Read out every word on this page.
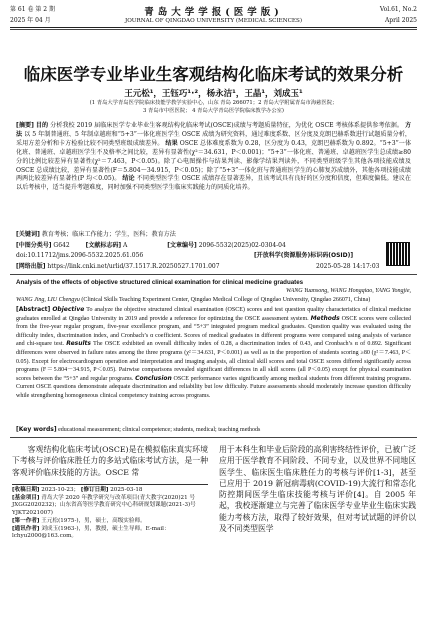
第 61 卷 第 2 期
2025 年 04 月
青岛大学学报(医学版)
JOURNAL OF QINGDAO UNIVERSITY (MEDICAL SCIENCES)
Vol.61, No.2
April 2025
临床医学专业毕业生客观结构化临床考试的效果分析
王元松¹，王钰巧¹·²，杨永洁¹，王晶¹，刘成玉¹
(1 青岛大学青岛医学院临床技能学教学实验中心，山东 青岛 266071；2 青岛大学附属青岛市海慈医院；
3 青岛市中医医院； 4 青岛大学青岛医学院临床教学办公室)
[摘要] 目的 分析我校 2019 届临床医学专业毕业生客观结构化临床考试(OSCE)成绩与考题质量特征，为优化 OSCE 考核体系提供参考依据。 方法 以 5 年制普通班、5 年制卓越班和“5+3”一体化班医学生 OSCE 成绩为研究资料，通过难度系数、区分度及克朗巴赫系数进行试题质量分析，采用方差分析和卡方检验比较不同类型班级成绩差异。 结果 OSCE 总体难度系数为 0.28，区分度为 0.43，克朗巴赫系数为 0.892。“5+3”一体化班、普通班、卓越班医学生不及格率之间比较，差异有显著性(χ²＝34.631，P＜0.001)；“5+3”一体化班、普通班、卓越班医学生总成绩≥80 分的比例比较差异有显著性(χ²＝7.463，P＜0.05)。除了心电图操作与结果判读、影像学结果判读外，不同类型班级学生其他各项技能成绩及 OSCE 总成绩比较，差异有显著性(F＝5.804～34.915，P＜0.05)；除了“5+3”一体化班与普通班医学生的心肺复苏成绩外，其他各项技能成绩两两比较差异有显著性(P 均＜0.05)。 结论 不同类型医学生 OSCE 成绩存在显著差异，且该考试具有良好的区分度和信度，但难度偏低。建议在以后考核中，适当提升考题难度，同时加强不同类型医学生临床实践能力的同质化培养。
[关键词] 教育考核；临床工作能力；学生，医科；教育方法
[中图分类号] G642	[文献标志码] A	[文章编号] 2096-5532(2025)02-0304-04
doi:10.11712/jms.2096-5532.2025.61.056	[开放科学(资源服务)标识码(OSID)]
[网络出版] https://link.cnki.net/urlid/37.1517.R.20250527.1701.007	2025-05-28 14:17:03
Analysis of the effects of objective structured clinical examination for clinical medicine graduates
WANG Yuansong, WANG Hongqiao, YANG Yongjie, WANG Jing, LIU Chengyu (Clinical Skills Teaching Experiment Center, Qingdao Medical College of Qingdao University, Qingdao 266071, China)
[Abstract] Objective To analyze the objective structured clinical examination (OSCE) scores and test question quality characteristics of clinical medicine graduates enrolled at Qingdao University in 2019 and provide a reference for optimizing the OSCE assessment system. Methods OSCE scores were collected from the five-year regular program, five-year excellence program, and “5+3” integrated program medical graduates. Question quality was evaluated using the difficulty index, discrimination index, and Cronbach’s α coefficient. Scores of medical graduates in different programs were compared using analysis of variance and chi-square test. Results The OSCE exhibited an overall difficulty index of 0.28, a discrimination index of 0.43, and Cronbach’s α of 0.892. Significant differences were observed in failure rates among the three programs (χ²＝34.631, P＜0.001) as well as in the proportion of students scoring ≥80 (χ²＝7.463, P＜0.05). Except for electrocardiogram operation and interpretation and imaging analysis, all clinical skill scores and total OSCE scores differed significantly across programs (F＝5.804－34.915, P＜0.05). Pairwise comparisons revealed significant differences in all skill scores (all P＜0.05) except for physical examination scores between the “5+3” and regular programs. Conclusion OSCE performance varies significantly among medical students from different training programs. Current OSCE questions demonstrate adequate discrimination and reliability but low difficulty. Future assessments should moderately increase question difficulty while strengthening homogeneous clinical competency training across programs.
[Key words] educational measurement; clinical competence; students, medical; teaching methods
客观结构化临床考试(OSCE)是在模拟临床真实环境下考核与评价临床胜任力的多站式临床考试方法，是一种客观评价临床技能的方法。OSCE 常
用于本科生和毕业后阶段的高利害终结性评价，已被广泛应用于医学教育不同阶段、不同专业，以及世界不同地区医学生、临床医生临床胜任力的考核与评价[1-3]，甚至已应用于 2019 新冠病毒病(COVID-19)大流行和常态化防控期间医学生临床技能考核与评价[4]。自 2005 年起，我校逐渐建立与完善了临床医学专业毕业生临床实践能力考核方法，取得了较好效果，但对考试试题的评价以及不同类型医学
[收稿日期] 2023-10-23； [修订日期] 2025-03-18
[基金项目] 青岛大学 2020 年教学研究与改革项目(青大教字(2020)21 号 JXGG2020232)；山东省高等医学教育研究中心科研规划课题(2021-3)号 YJKT2021007)
[第一作者] 王元松(1975-)，男，硕士，高级实验师。
[通讯作者] 刘成玉(1963-)，男，教授，硕士生导师。E-mail：lchyu2000@163.com。
